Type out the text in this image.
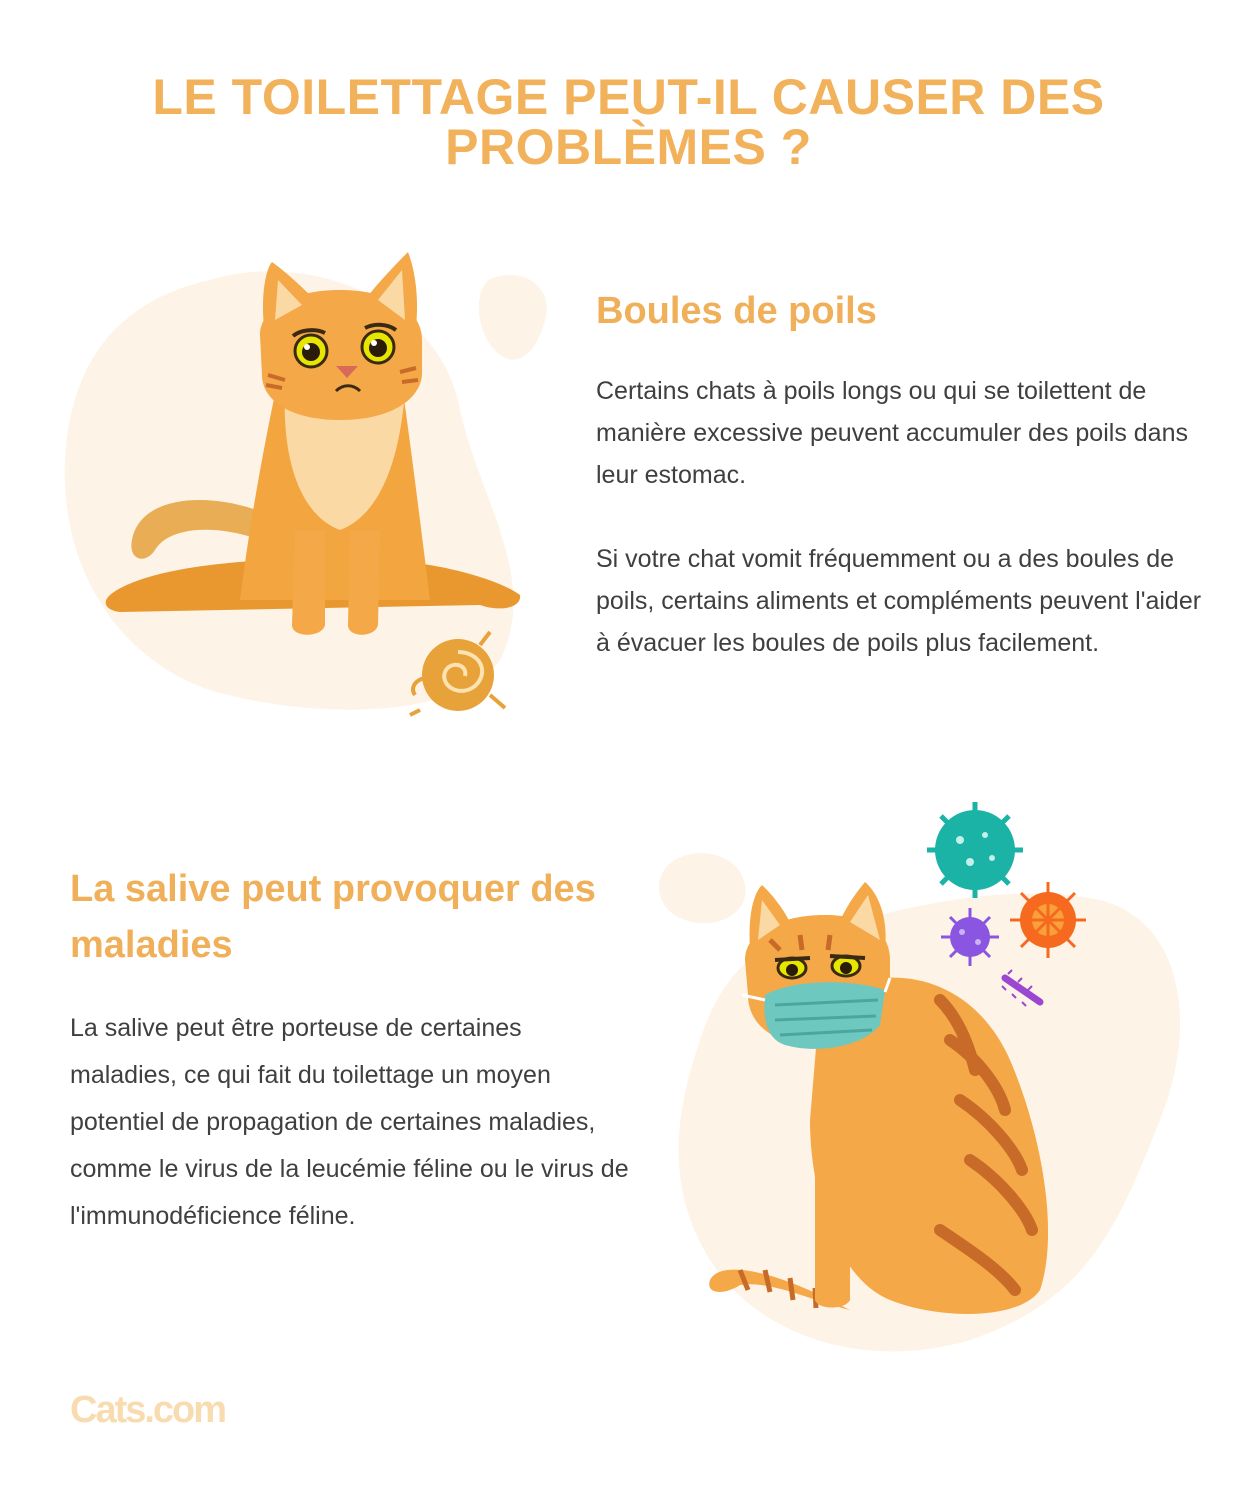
LE TOILETTAGE PEUT-IL CAUSER DES PROBLÈMES ?
Boules de poils

Certains chats à poils longs ou qui se toilettent de manière excessive peuvent accumuler des poils dans leur estomac.

Si votre chat vomit fréquemment ou a des boules de poils, certains aliments et compléments peuvent l'aider à évacuer les boules de poils plus facilement.

La salive peut provoquer des maladies

La salive peut être porteuse de certaines maladies, ce qui fait du toilettage un moyen potentiel de propagation de certaines maladies, comme le virus de la leucémie féline ou le virus de l'immunodéficience féline.

Cats.com
